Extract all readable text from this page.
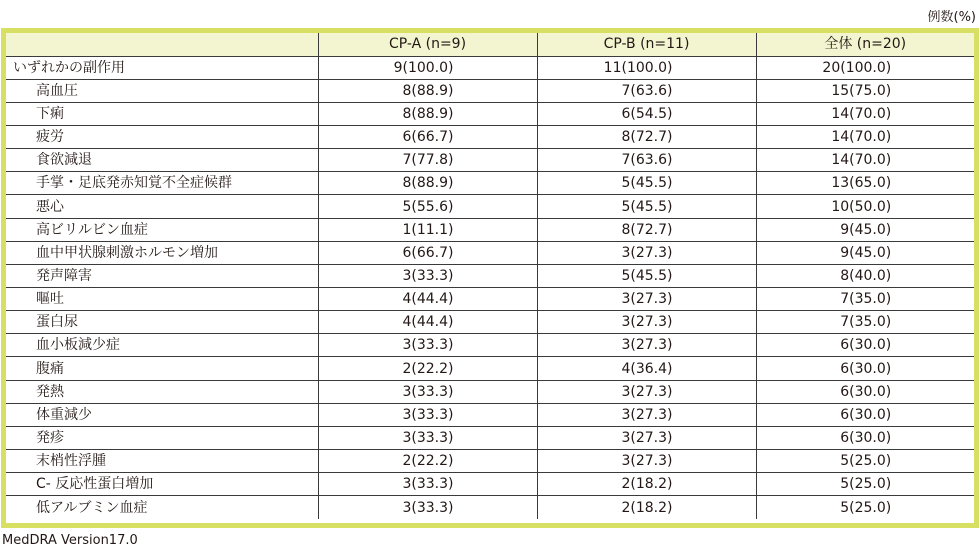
例数(%)
	CP-A (n=9)	CP-B (n=11)	全体 (n=20)
いずれかの副作用	9(100.0)	11(100.0)	20(100.0)
高血圧	8(88.9)	7(63.6)	15(75.0)
下痢	8(88.9)	6(54.5)	14(70.0)
疲労	6(66.7)	8(72.7)	14(70.0)
食欲減退	7(77.8)	7(63.6)	14(70.0)
手掌・足底発赤知覚不全症候群	8(88.9)	5(45.5)	13(65.0)
悪心	5(55.6)	5(45.5)	10(50.0)
高ビリルビン血症	1(11.1)	8(72.7)	9(45.0)
血中甲状腺刺激ホルモン増加	6(66.7)	3(27.3)	9(45.0)
発声障害	3(33.3)	5(45.5)	8(40.0)
嘔吐	4(44.4)	3(27.3)	7(35.0)
蛋白尿	4(44.4)	3(27.3)	7(35.0)
血小板減少症	3(33.3)	3(27.3)	6(30.0)
腹痛	2(22.2)	4(36.4)	6(30.0)
発熱	3(33.3)	3(27.3)	6(30.0)
体重減少	3(33.3)	3(27.3)	6(30.0)
発疹	3(33.3)	3(27.3)	6(30.0)
末梢性浮腫	2(22.2)	3(27.3)	5(25.0)
C- 反応性蛋白増加	3(33.3)	2(18.2)	5(25.0)
低アルブミン血症	3(33.3)	2(18.2)	5(25.0)
MedDRA Version17.0
